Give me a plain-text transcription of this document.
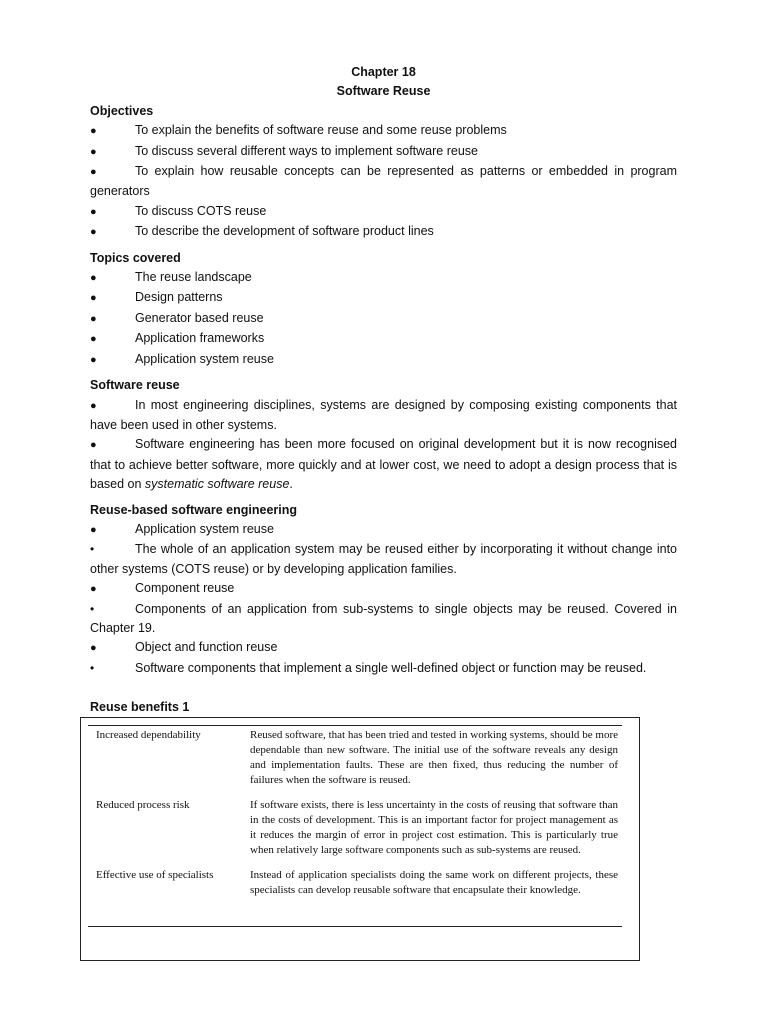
Chapter 18
Software Reuse
Objectives
●	To explain the benefits of software reuse and some reuse problems
●	To discuss several different ways to implement software reuse
●	To explain how reusable concepts can be represented as patterns or embedded in program generators
●	To discuss COTS reuse
●	To describe the development of software product lines
Topics covered
●	The reuse landscape
●	Design patterns
●	Generator based reuse
●	Application frameworks
●	Application system reuse
Software reuse
●	In most engineering disciplines, systems are designed by composing existing components that have been used in other systems.
●	Software engineering has been more focused on original development but it is now recognised that to achieve better software, more quickly and at lower cost, we need to adopt a design process that is based on systematic software reuse.
Reuse-based software engineering
●	Application system reuse
•	The whole of an application system may be reused either by incorporating it without change into other systems (COTS reuse) or by developing application families.
●	Component reuse
•	Components of an application from sub-systems to single objects may be reused. Covered in Chapter 19.
●	Object and function reuse
•	Software components that implement a single well-defined object or function may be reused.
Reuse benefits 1
Increased dependability	Reused software, that has been tried and tested in working systems, should be more dependable than new software. The initial use of the software reveals any design and implementation faults. These are then fixed, thus reducing the number of failures when the software is reused.
Reduced process risk	If software exists, there is less uncertainty in the costs of reusing that software than in the costs of development. This is an important factor for project management as it reduces the margin of error in project cost estimation. This is particularly true when relatively large software components such as sub-systems are reused.
Effective use of specialists	Instead of application specialists doing the same work on different projects, these specialists can develop reusable software that encapsulate their knowledge.
